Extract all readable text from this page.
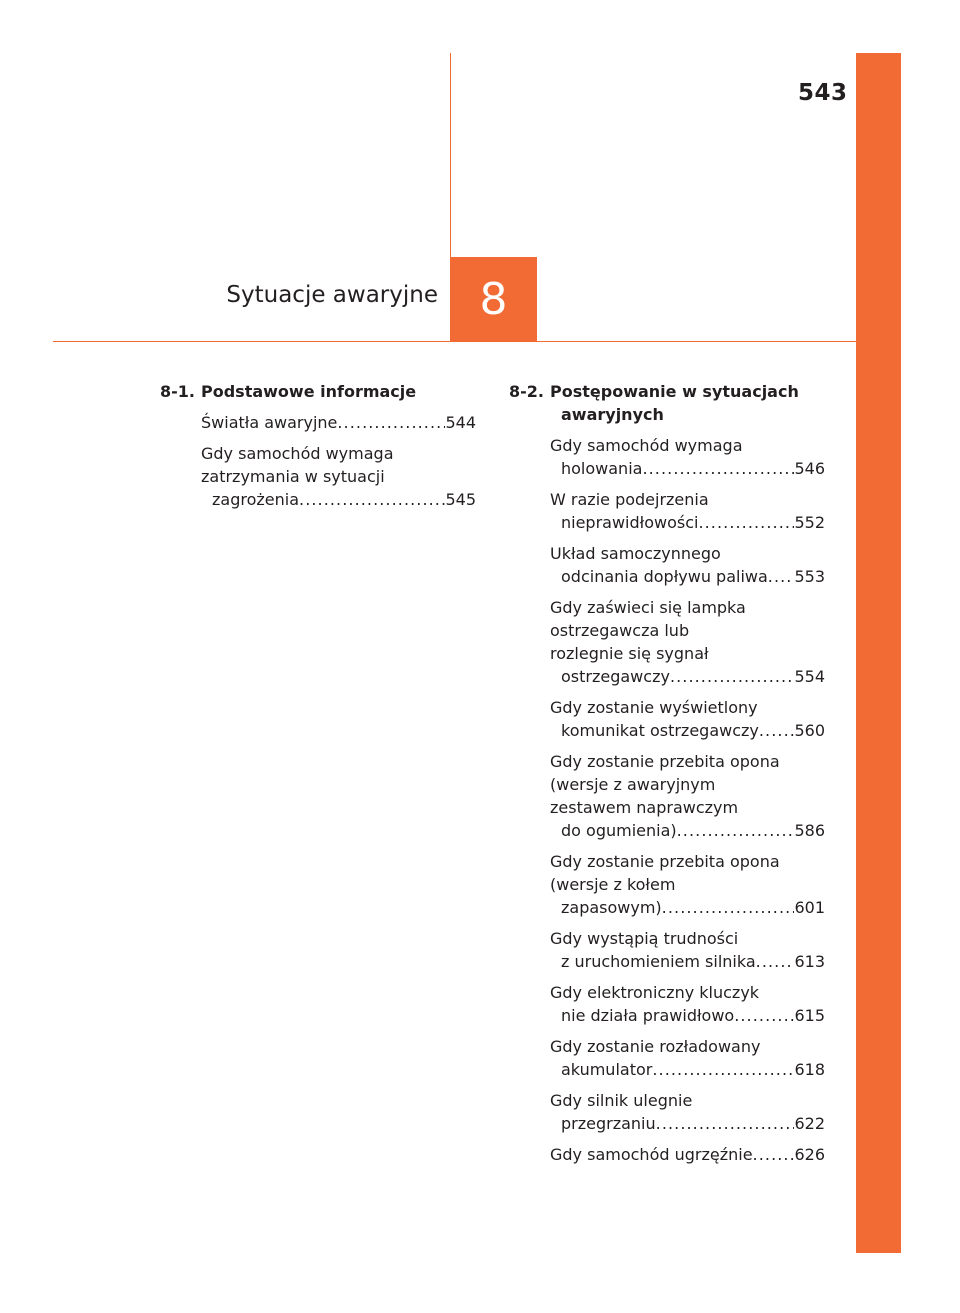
543
8
Sytuacje awaryjne
8-1. Podstawowe informacje
Światła awaryjne . . .	544
Gdy samochód wymaga
zatrzymania w sytuacji
zagrożenia . . .	545
8-2. Postępowanie w sytuacjach awaryjnych
Gdy samochód wymaga
holowania . . .	546
W razie podejrzenia
nieprawidłowości . . .	552
Układ samoczynnego
odcinania dopływu paliwa . . . 553
Gdy zaświeci się lampka
ostrzegawcza lub
rozlegnie się sygnał
ostrzegawczy . . .	554
Gdy zostanie wyświetlony
komunikat ostrzegawczy . . . 560
Gdy zostanie przebita opona
(wersje z awaryjnym
zestawem naprawczym
do ogumienia) . . .	586
Gdy zostanie przebita opona
(wersje z kołem
zapasowym) . . .	601
Gdy wystąpią trudności
z uruchomieniem silnika . . . 613
Gdy elektroniczny kluczyk
nie działa prawidłowo . . .	615
Gdy zostanie rozładowany
akumulator . . .	618
Gdy silnik ulegnie
przegrzaniu . . .	622
Gdy samochód ugrzęźnie . . .	626
